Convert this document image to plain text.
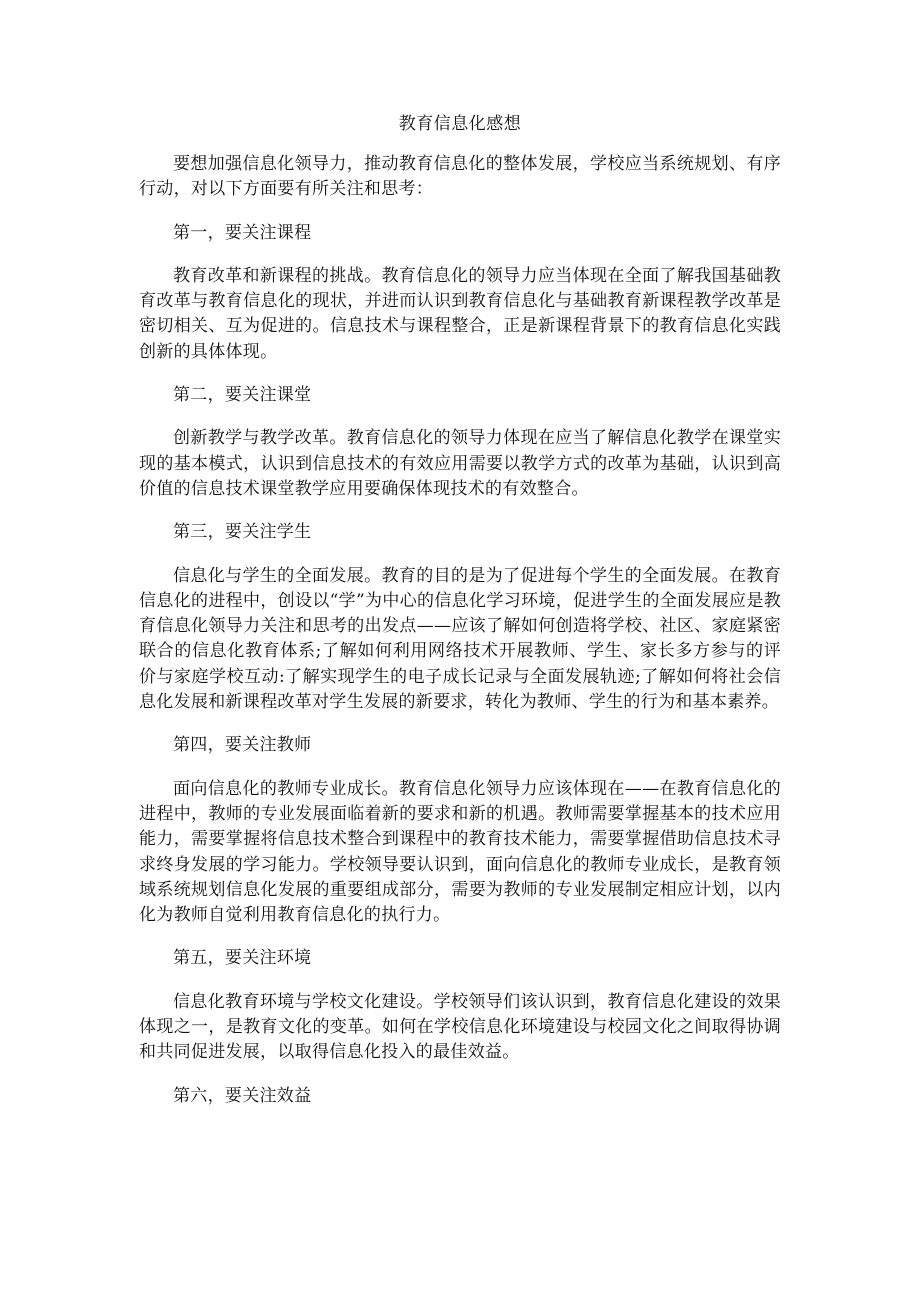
教育信息化感想

要想加强信息化领导力，推动教育信息化的整体发展，学校应当系统规划、有序行动，对以下方面要有所关注和思考：

第一，要关注课程

教育改革和新课程的挑战。教育信息化的领导力应当体现在全面了解我国基础教育改革与教育信息化的现状，并进而认识到教育信息化与基础教育新课程教学改革是密切相关、互为促进的。信息技术与课程整合，正是新课程背景下的教育信息化实践创新的具体体现。

第二，要关注课堂

创新教学与教学改革。教育信息化的领导力体现在应当了解信息化教学在课堂实现的基本模式，认识到信息技术的有效应用需要以教学方式的改革为基础，认识到高价值的信息技术课堂教学应用要确保体现技术的有效整合。

第三，要关注学生

信息化与学生的全面发展。教育的目的是为了促进每个学生的全面发展。在教育信息化的进程中，创设以“学”为中心的信息化学习环境，促进学生的全面发展应是教育信息化领导力关注和思考的出发点——应该了解如何创造将学校、社区、家庭紧密联合的信息化教育体系;了解如何利用网络技术开展教师、学生、家长多方参与的评价与家庭学校互动:了解实现学生的电子成长记录与全面发展轨迹;了解如何将社会信息化发展和新课程改革对学生发展的新要求，转化为教师、学生的行为和基本素养。

第四，要关注教师

面向信息化的教师专业成长。教育信息化领导力应该体现在——在教育信息化的进程中，教师的专业发展面临着新的要求和新的机遇。教师需要掌握基本的技术应用能力，需要掌握将信息技术整合到课程中的教育技术能力，需要掌握借助信息技术寻求终身发展的学习能力。学校领导要认识到，面向信息化的教师专业成长，是教育领域系统规划信息化发展的重要组成部分，需要为教师的专业发展制定相应计划，以内化为教师自觉利用教育信息化的执行力。

第五，要关注环境

信息化教育环境与学校文化建设。学校领导们该认识到，教育信息化建设的效果体现之一，是教育文化的变革。如何在学校信息化环境建设与校园文化之间取得协调和共同促进发展，以取得信息化投入的最佳效益。

第六，要关注效益
